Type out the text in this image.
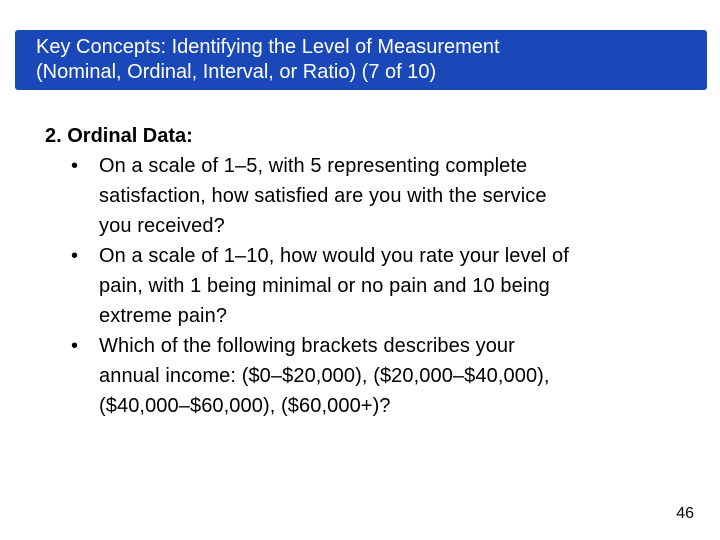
Key Concepts: Identifying the Level of Measurement
(Nominal, Ordinal, Interval, or Ratio) (7 of 10)

2. Ordinal Data:

•	On a scale of 1–5, with 5 representing complete
satisfaction, how satisfied are you with the service
you received?
•	On a scale of 1–10, how would you rate your level of
pain, with 1 being minimal or no pain and 10 being
extreme pain?
•	Which of the following brackets describes your
annual income: ($0–$20,000), ($20,000–$40,000),
($40,000–$60,000), ($60,000+)?
46
